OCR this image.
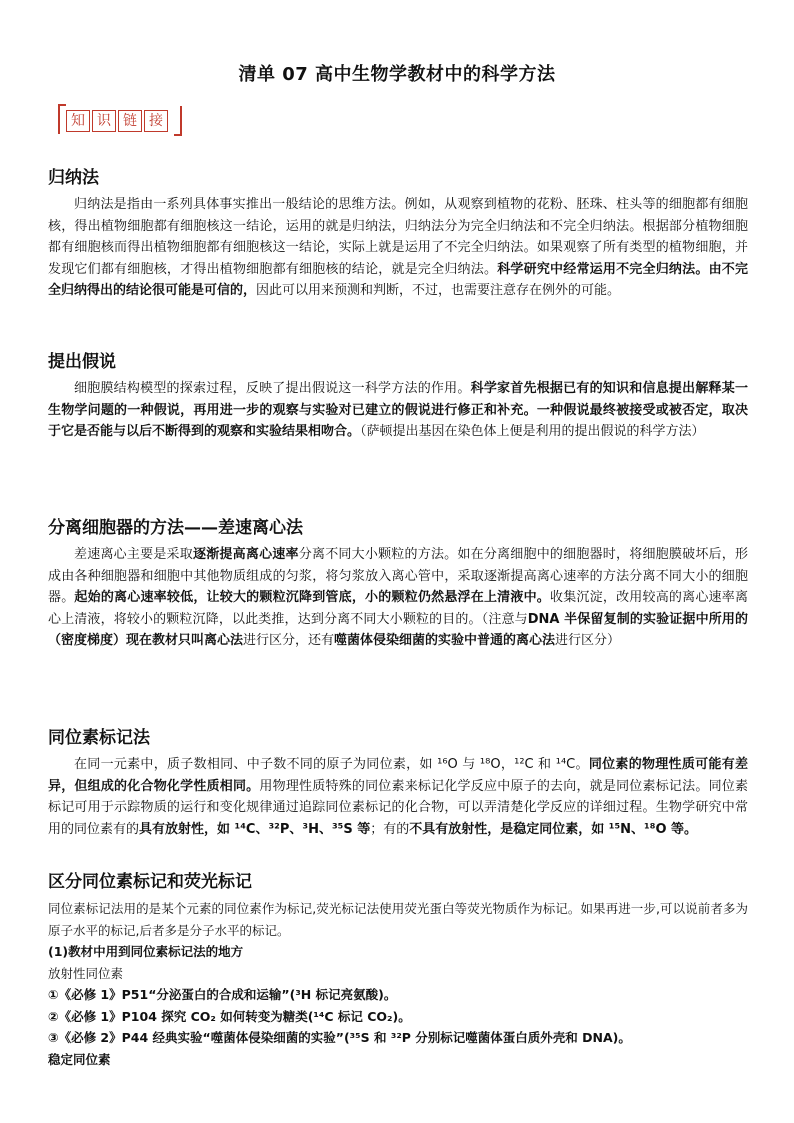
清单 07 高中生物学教材中的科学方法
知 识 链 接
归纳法

归纳法是指由一系列具体事实推出一般结论的思维方法。例如，从观察到植物的花粉、胚珠、柱头等的细胞都有细胞核，得出植物细胞都有细胞核这一结论，运用的就是归纳法，归纳法分为完全归纳法和不完全归纳法。根据部分植物细胞都有细胞核而得出植物细胞都有细胞核这一结论，实际上就是运用了不完全归纳法。如果观察了所有类型的植物细胞，并发现它们都有细胞核，才得出植物细胞都有细胞核的结论，就是完全归纳法。科学研究中经常运用不完全归纳法。由不完全归纳得出的结论很可能是可信的，因此可以用来预测和判断，不过，也需要注意存在例外的可能。

提出假说

细胞膜结构模型的探索过程，反映了提出假说这一科学方法的作用。科学家首先根据已有的知识和信息提出解释某一生物学问题的一种假说，再用进一步的观察与实验对已建立的假说进行修正和补充。一种假说最终被接受或被否定，取决于它是否能与以后不断得到的观察和实验结果相吻合。（萨顿提出基因在染色体上便是利用的提出假说的科学方法）

分离细胞器的方法——差速离心法

差速离心主要是采取逐渐提高离心速率分离不同大小颗粒的方法。如在分离细胞中的细胞器时，将细胞膜破坏后，形成由各种细胞器和细胞中其他物质组成的匀浆，将匀浆放入离心管中，采取逐渐提高离心速率的方法分离不同大小的细胞器。起始的离心速率较低，让较大的颗粒沉降到管底，小的颗粒仍然悬浮在上清液中。收集沉淀，改用较高的离心速率离心上清液，将较小的颗粒沉降，以此类推，达到分离不同大小颗粒的目的。（注意与DNA 半保留复制的实验证据中所用的（密度梯度）现在教材只叫离心法进行区分，还有噬菌体侵染细菌的实验中普通的离心法进行区分）

同位素标记法

在同一元素中，质子数相同、中子数不同的原子为同位素，如 ¹⁶O 与 ¹⁸O，¹²C 和 ¹⁴C。同位素的物理性质可能有差异，但组成的化合物化学性质相同。用物理性质特殊的同位素来标记化学反应中原子的去向，就是同位素标记法。同位素标记可用于示踪物质的运行和变化规律通过追踪同位素标记的化合物，可以弄清楚化学反应的详细过程。生物学研究中常用的同位素有的具有放射性，如 ¹⁴C、³²P、³H、³⁵S 等；有的不具有放射性，是稳定同位素，如 ¹⁵N、¹⁸O 等。

区分同位素标记和荧光标记

同位素标记法用的是某个元素的同位素作为标记,荧光标记法使用荧光蛋白等荧光物质作为标记。如果再进一步,可以说前者多为原子水平的标记,后者多是分子水平的标记。

(1)教材中用到同位素标记法的地方

放射性同位素

①《必修 1》P51“分泌蛋白的合成和运输”(³H 标记亮氨酸)。

②《必修 1》P104 探究 CO₂ 如何转变为糖类(¹⁴C 标记 CO₂)。

③《必修 2》P44 经典实验“噬菌体侵染细菌的实验”(³⁵S 和 ³²P 分别标记噬菌体蛋白质外壳和 DNA)。

稳定同位素
